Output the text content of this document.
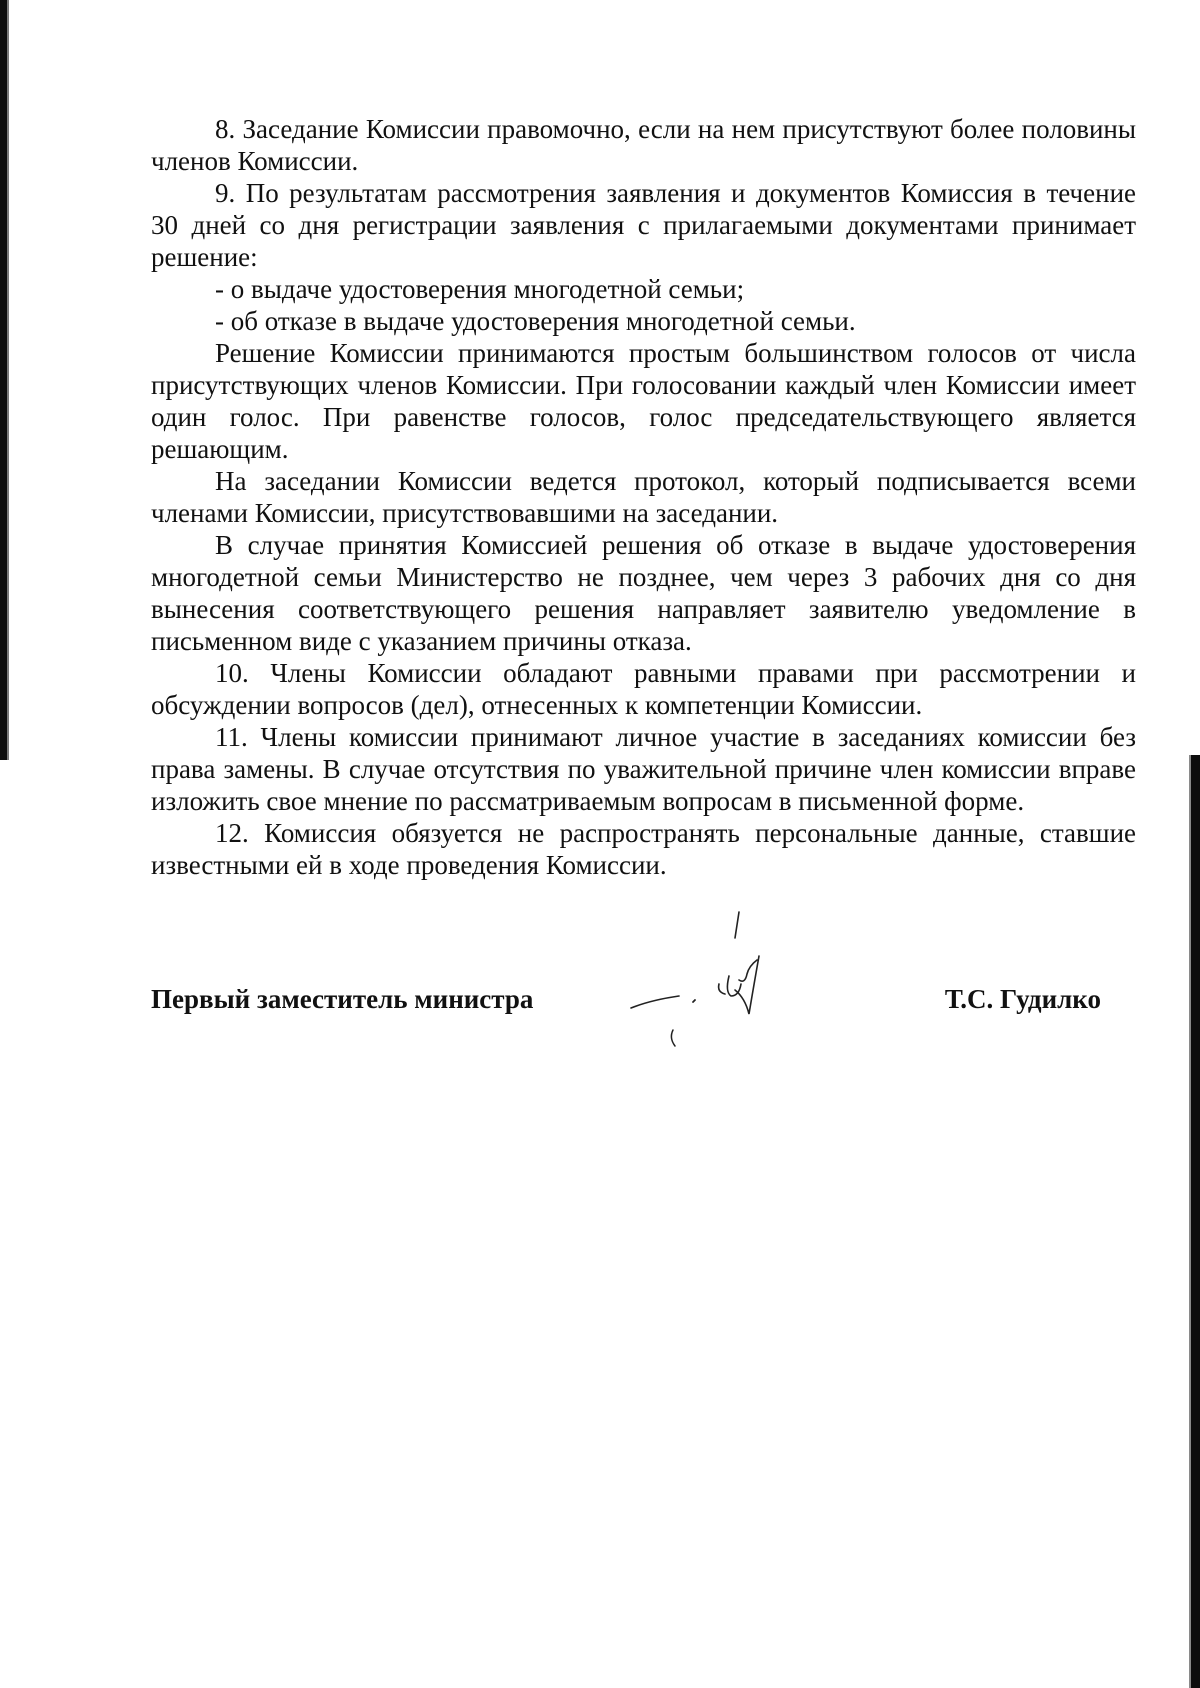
8. Заседание Комиссии правомочно, если на нем присутствуют более половины членов Комиссии.

9. По результатам рассмотрения заявления и документов Комиссия в течение 30 дней со дня регистрации заявления с прилагаемыми документами принимает решение:

- о выдаче удостоверения многодетной семьи;

- об отказе в выдаче удостоверения многодетной семьи.

Решение Комиссии принимаются простым большинством голосов от числа присутствующих членов Комиссии. При голосовании каждый член Комиссии имеет один голос. При равенстве голосов, голос председательствующего является решающим.

На заседании Комиссии ведется протокол, который подписывается всеми членами Комиссии, присутствовавшими на заседании.

В случае принятия Комиссией решения об отказе в выдаче удостоверения многодетной семьи Министерство не позднее, чем через 3 рабочих дня со дня вынесения соответствующего решения направляет заявителю уведомление в письменном виде с указанием причины отказа.

10. Члены Комиссии обладают равными правами при рассмотрении и обсуждении вопросов (дел), отнесенных к компетенции Комиссии.

11. Члены комиссии принимают личное участие в заседаниях комиссии без права замены. В случае отсутствия по уважительной причине член комиссии вправе изложить свое мнение по рассматриваемым вопросам в письменной форме.

12. Комиссия обязуется не распространять персональные данные, ставшие известными ей в ходе проведения Комиссии.

Первый заместитель министра	Т.С. Гудилко
